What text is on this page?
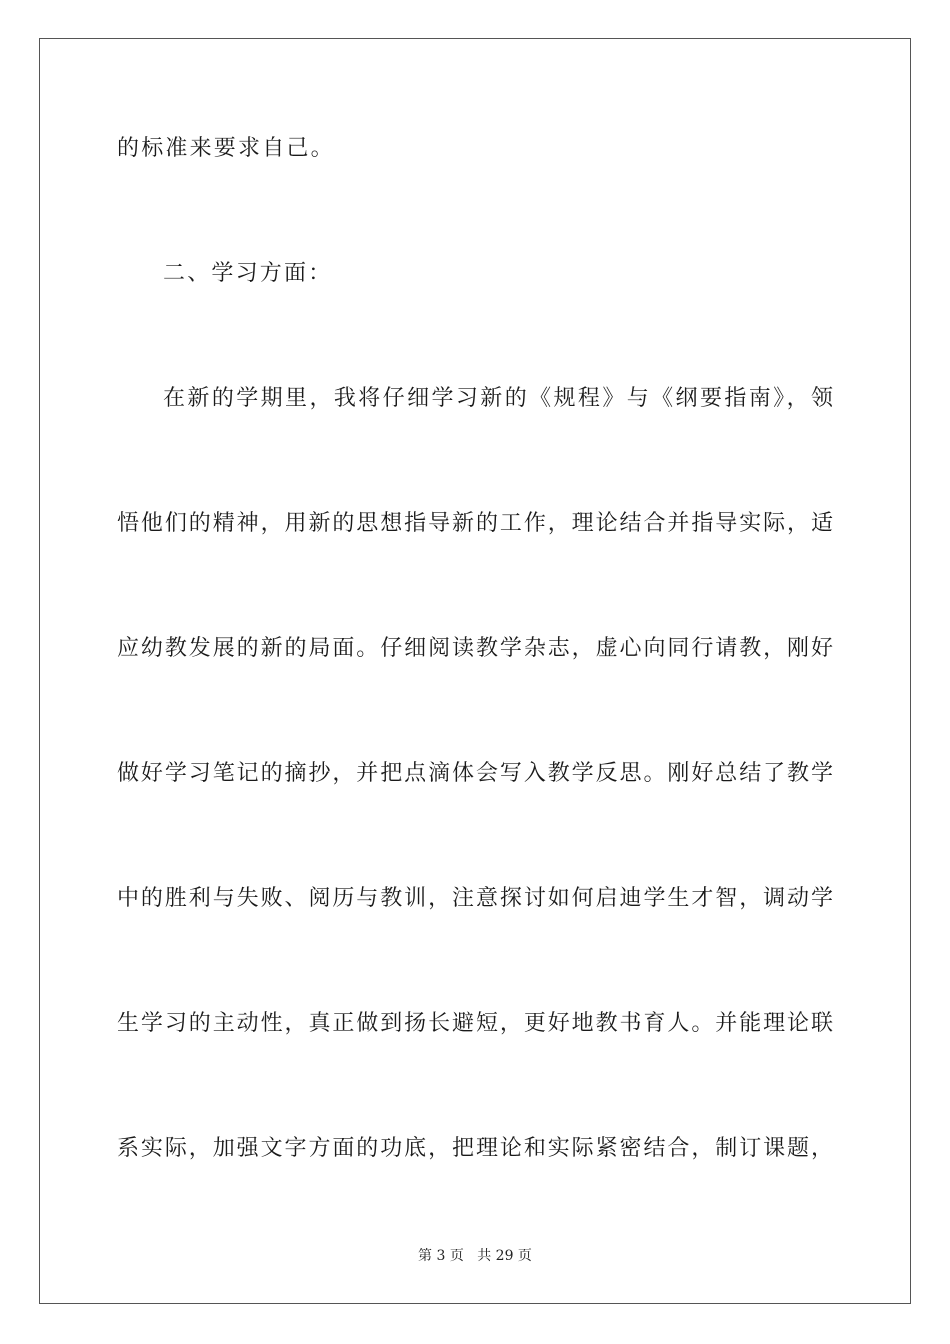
的标准来要求自己。
二、学习方面：
在新的学期里，我将仔细学习新的《规程》与《纲要指南》，领
悟他们的精神，用新的思想指导新的工作，理论结合并指导实际，适
应幼教发展的新的局面。仔细阅读教学杂志，虚心向同行请教，刚好
做好学习笔记的摘抄，并把点滴体会写入教学反思。刚好总结了教学
中的胜利与失败、阅历与教训，注意探讨如何启迪学生才智，调动学
生学习的主动性，真正做到扬长避短，更好地教书育人。并能理论联
系实际，加强文字方面的功底，把理论和实际紧密结合，制订课题，
第 3 页 共 29 页
